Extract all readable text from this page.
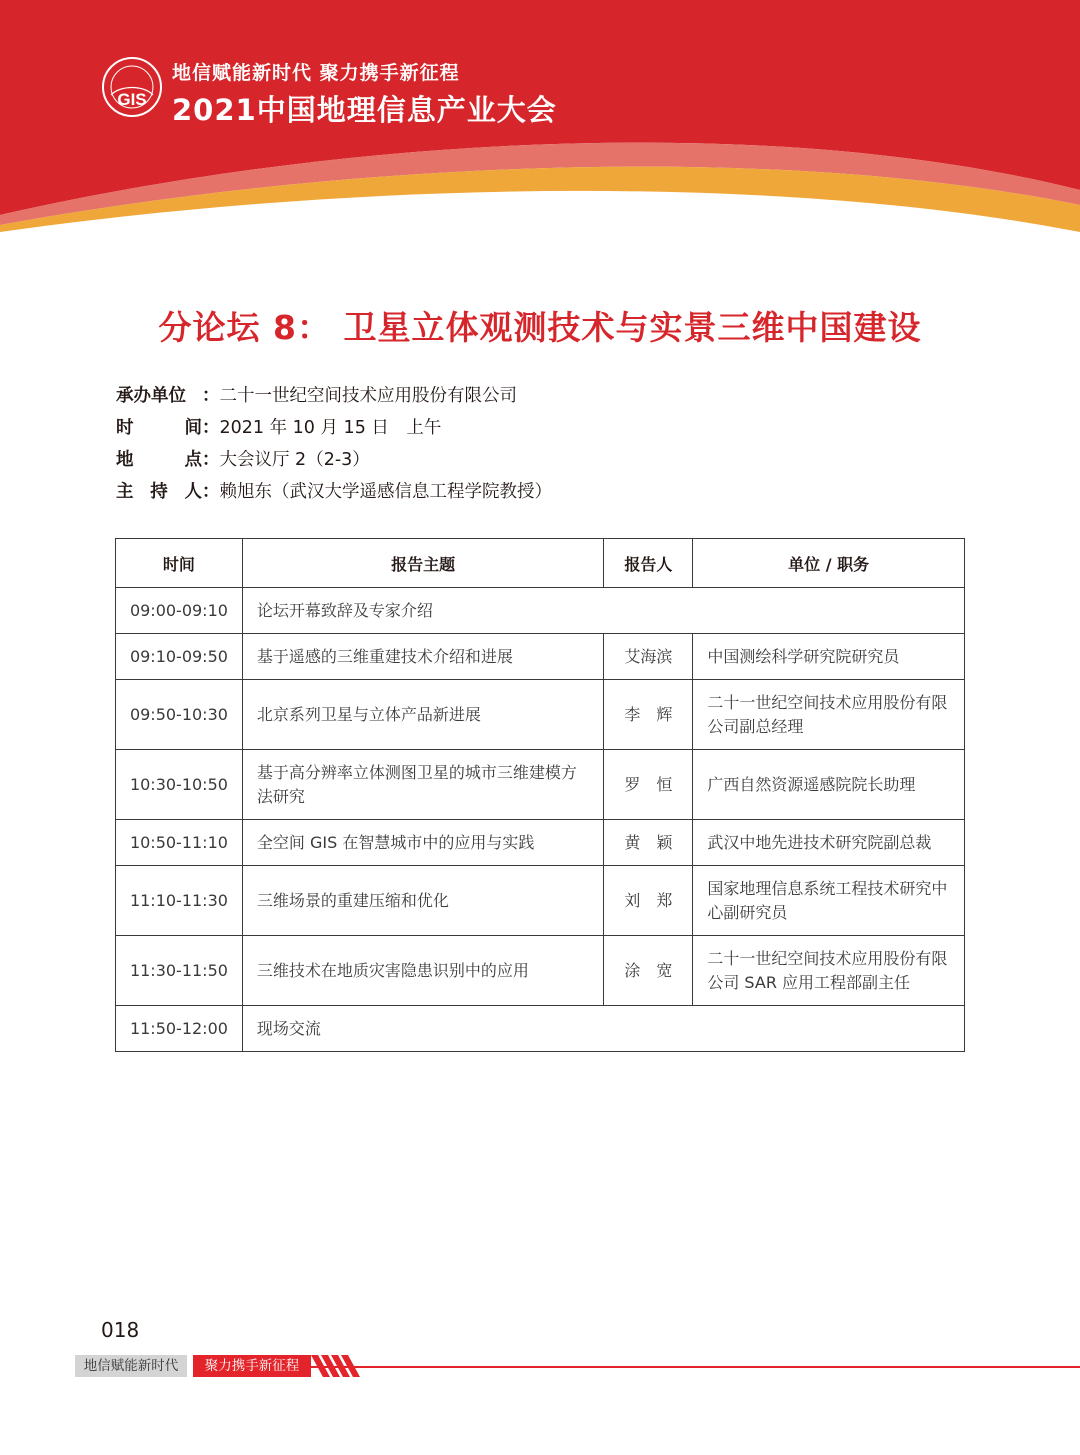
GIS
地信赋能新时代 聚力携手新征程
2021中国地理信息产业大会
分论坛 8： 卫星立体观测技术与实景三维中国建设
承办单位 ： 二十一世纪空间技术应用股份有限公司
时	间 ： 2021 年 10 月 15 日　上午
地	点 ： 大会议厅 2（2-3）
主 持 人 ： 赖旭东（武汉大学遥感信息工程学院教授）
时间	报告主题	报告人	单位 / 职务
09:00-09:10	论坛开幕致辞及专家介绍		
09:10-09:50	基于遥感的三维重建技术介绍和进展	艾海滨	中国测绘科学研究院研究员
09:50-10:30	北京系列卫星与立体产品新进展	李　辉	二十一世纪空间技术应用股份有限公司副总经理
10:30-10:50	基于高分辨率立体测图卫星的城市三维建模方法研究	罗　恒	广西自然资源遥感院院长助理
10:50-11:10	全空间 GIS 在智慧城市中的应用与实践	黄　颖	武汉中地先进技术研究院副总裁
11:10-11:30	三维场景的重建压缩和优化	刘　郑	国家地理信息系统工程技术研究中心副研究员
11:30-11:50	三维技术在地质灾害隐患识别中的应用	涂　宽	二十一世纪空间技术应用股份有限公司 SAR 应用工程部副主任
11:50-12:00	现场交流		
018
地信赋能新时代	聚力携手新征程
